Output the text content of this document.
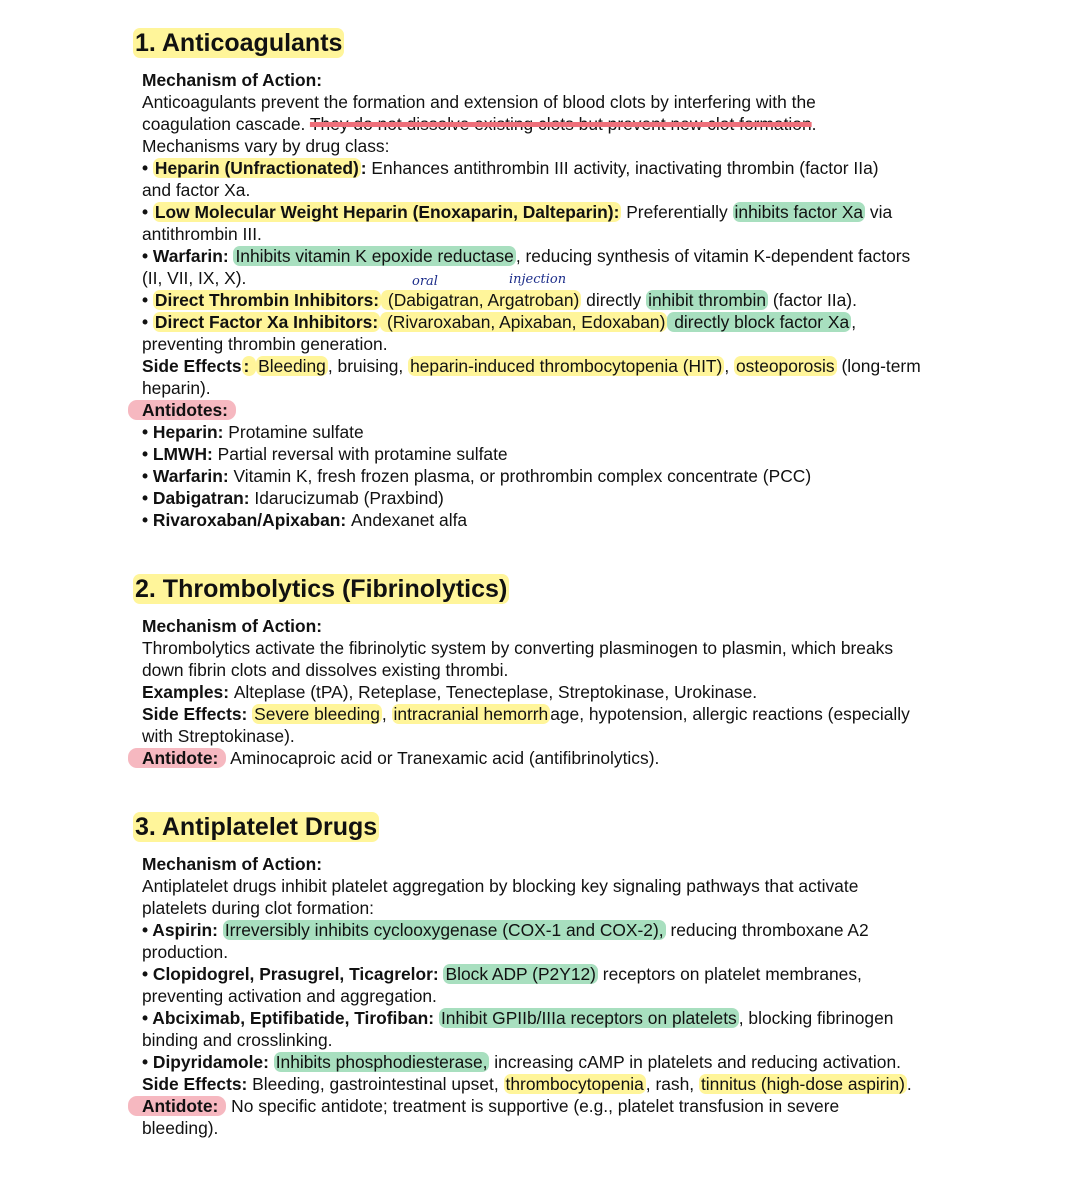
1. Anticoagulants
Mechanism of Action:
Anticoagulants prevent the formation and extension of blood clots by interfering with the
coagulation cascade. They do not dissolve existing clots but prevent new clot formation.
Mechanisms vary by drug class:
• Heparin (Unfractionated) : Enhances antithrombin III activity, inactivating thrombin (factor IIa)
and factor Xa.
• Low Molecular Weight Heparin (Enoxaparin, Dalteparin): Preferentially inhibits factor Xa via
antithrombin III.
• Warfarin: Inhibits vitamin K epoxide reductase , reducing synthesis of vitamin K-dependent factors
(II, VII, IX, X).
• Direct Thrombin Inhibitors: (Dabigatran, Argatroban) directly inhibit thrombin (factor IIa).
• Direct Factor Xa Inhibitors: (Rivaroxaban, Apixaban, Edoxaban) directly block factor Xa ,
preventing thrombin generation.
Side Effects : Bleeding , bruising, heparin-induced thrombocytopenia (HIT) , osteoporosis (long-term
heparin).
Antidotes:
• Heparin: Protamine sulfate
• LMWH: Partial reversal with protamine sulfate
• Warfarin: Vitamin K, fresh frozen plasma, or prothrombin complex concentrate (PCC)
• Dabigatran: Idarucizumab (Praxbind)
• Rivaroxaban/Apixaban: Andexanet alfa
2. Thrombolytics (Fibrinolytics)
Mechanism of Action:
Thrombolytics activate the fibrinolytic system by converting plasminogen to plasmin, which breaks
down fibrin clots and dissolves existing thrombi.
Examples: Alteplase (tPA), Reteplase, Tenecteplase, Streptokinase, Urokinase.
Side Effects: Severe bleeding , intracranial hemorrh age, hypotension, allergic reactions (especially
with Streptokinase).
Antidote: Aminocaproic acid or Tranexamic acid (antifibrinolytics).
3. Antiplatelet Drugs
Mechanism of Action:
Antiplatelet drugs inhibit platelet aggregation by blocking key signaling pathways that activate
platelets during clot formation:
• Aspirin: Irreversibly inhibits cyclooxygenase (COX-1 and COX-2), reducing thromboxane A2
production.
• Clopidogrel, Prasugrel, Ticagrelor: Block ADP (P2Y12) receptors on platelet membranes,
preventing activation and aggregation.
• Abciximab, Eptifibatide, Tirofiban: Inhibit GPIIb/IIIa receptors on platelets , blocking fibrinogen
binding and crosslinking.
• Dipyridamole: Inhibits phosphodiesterase, increasing cAMP in platelets and reducing activation.
Side Effects: Bleeding, gastrointestinal upset, thrombocytopenia , rash, tinnitus (high-dose aspirin) .
Antidote: No specific antidote; treatment is supportive (e.g., platelet transfusion in severe
bleeding).
oral	injection
